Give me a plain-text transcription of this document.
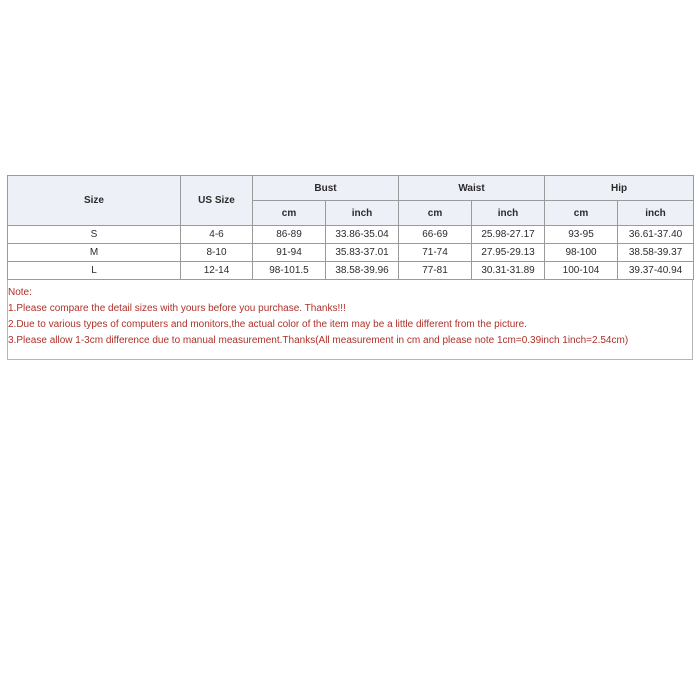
Size	US Size	Bust		Waist		Hip	
		cm	inch	cm	inch	cm	inch
S	4-6	86-89	33.86-35.04	66-69	25.98-27.17	93-95	36.61-37.40
M	8-10	91-94	35.83-37.01	71-74	27.95-29.13	98-100	38.58-39.37
L	12-14	98-101.5	38.58-39.96	77-81	30.31-31.89	100-104	39.37-40.94
Note:
1.Please compare the detail sizes with yours before you purchase. Thanks!!!
2.Due to various types of computers and monitors,the actual color of the item may be a little different from the picture.
3.Please allow 1-3cm difference due to manual measurement.Thanks(All measurement in cm and please note 1cm=0.39inch 1inch=2.54cm)
